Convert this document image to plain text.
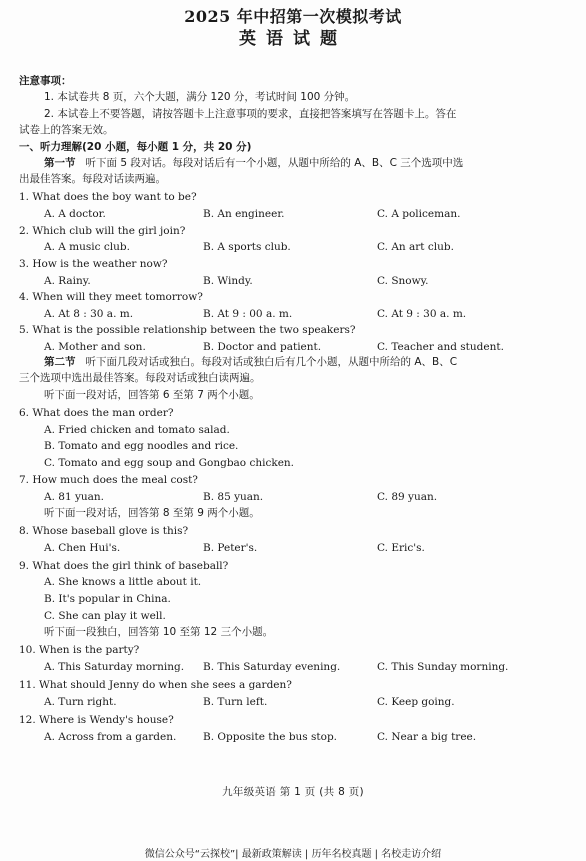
2025 年中招第一次模拟考试
英语试题
注意事项：
1. 本试卷共 8 页，六个大题，满分 120 分，考试时间 100 分钟。
2. 本试卷上不要答题，请按答题卡上注意事项的要求，直接把答案填写在答题卡上。答在
试卷上的答案无效。
一、听力理解(20 小题，每小题 1 分，共 20 分)
第一节 听下面 5 段对话。每段对话后有一个小题，从题中所给的 A、B、C 三个选项中选
出最佳答案。每段对话读两遍。
1. What does the boy want to be?
A. A doctor.	B. An engineer.	C. A policeman.
2. Which club will the girl join?
A. A music club.	B. A sports club.	C. An art club.
3. How is the weather now?
A. Rainy.	B. Windy.	C. Snowy.
4. When will they meet tomorrow?
A. At 8 : 30 a. m.	B. At 9 : 00 a. m.	C. At 9 : 30 a. m.
5. What is the possible relationship between the two speakers?
A. Mother and son.	B. Doctor and patient.	C. Teacher and student.
第二节 听下面几段对话或独白。每段对话或独白后有几个小题，从题中所给的 A、B、C
三个选项中选出最佳答案。每段对话或独白读两遍。
听下面一段对话，回答第 6 至第 7 两个小题。
6. What does the man order?
A. Fried chicken and tomato salad.
B. Tomato and egg noodles and rice.
C. Tomato and egg soup and Gongbao chicken.
7. How much does the meal cost?
A. 81 yuan.	B. 85 yuan.	C. 89 yuan.
听下面一段对话，回答第 8 至第 9 两个小题。
8. Whose baseball glove is this?
A. Chen Hui's.	B. Peter's.	C. Eric's.
9. What does the girl think of baseball?
A. She knows a little about it.
B. It's popular in China.
C. She can play it well.
听下面一段独白，回答第 10 至第 12 三个小题。
10. When is the party?
A. This Saturday morning. B. This Saturday evening.	C. This Sunday morning.
11. What should Jenny do when she sees a garden?
A. Turn right.	B. Turn left.	C. Keep going.
12. Where is Wendy's house?
A. Across from a garden.	B. Opposite the bus stop.	C. Near a big tree.
九年级英语 第 1 页 (共 8 页)
微信公众号“云探校”| 最新政策解读 | 历年名校真题 | 名校走访介绍
